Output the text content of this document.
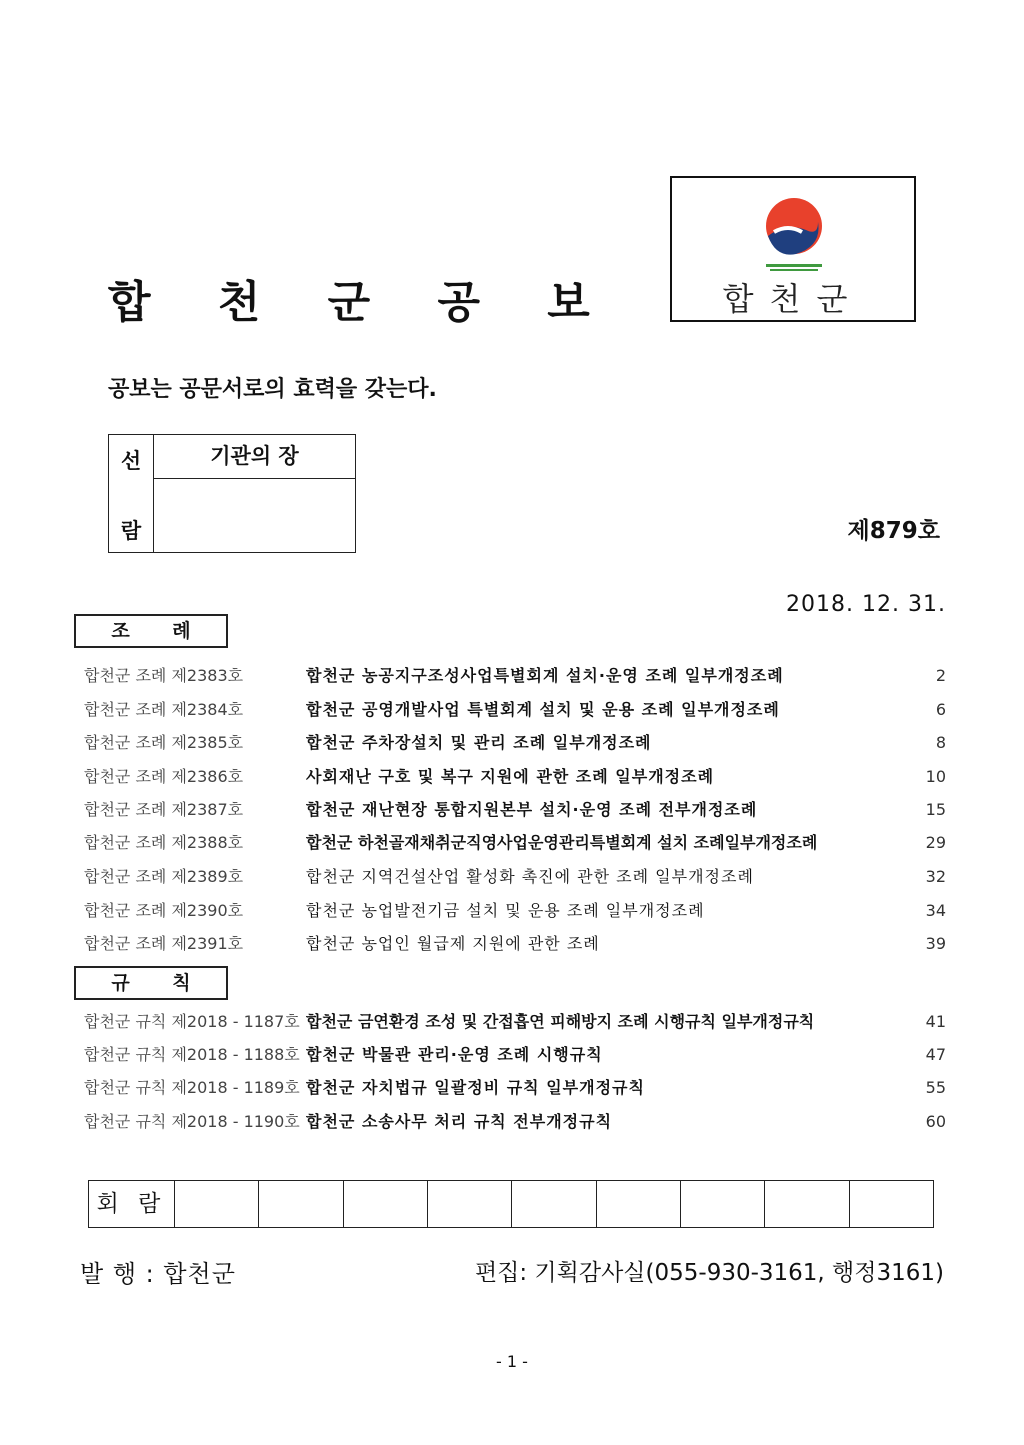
합 천 군 공 보	합천군
공보는 공문서로의 효력을 갖는다.
선
람
기관의 장
제879호
2018. 12. 31.
조 례
합천군 조례 제2383호	합천군 농공지구조성사업특별회계 설치·운영 조례 일부개정조례	2
합천군 조례 제2384호	합천군 공영개발사업 특별회계 설치 및 운용 조례 일부개정조례	6
합천군 조례 제2385호	합천군 주차장설치 및 관리 조례 일부개정조례	8
합천군 조례 제2386호	사회재난 구호 및 복구 지원에 관한 조례 일부개정조례	10
합천군 조례 제2387호	합천군 재난현장 통합지원본부 설치·운영 조례 전부개정조례	15
합천군 조례 제2388호	합천군 하천골재채취군직영사업운영관리특별회계 설치 조례일부개정조례	29
합천군 조례 제2389호	합천군 지역건설산업 활성화 촉진에 관한 조례 일부개정조례	32
합천군 조례 제2390호	합천군 농업발전기금 설치 및 운용 조례 일부개정조례	34
합천군 조례 제2391호	합천군 농업인 월급제 지원에 관한 조례	39
규 칙
합천군 규칙 제2018 - 1187호 합천군 금연환경 조성 및 간접흡연 피해방지 조례 시행규칙 일부개정규칙	41
합천군 규칙 제2018 - 1188호 합천군 박물관 관리·운영 조례 시행규칙	47
합천군 규칙 제2018 - 1189호 합천군 자치법규 일괄정비 규칙 일부개정규칙	55
합천군 규칙 제2018 - 1190호 합천군 소송사무 처리 규칙 전부개정규칙	60
회 람
발 행 : 합천군	편집: 기획감사실(055-930-3161, 행정3161)
- 1 -
